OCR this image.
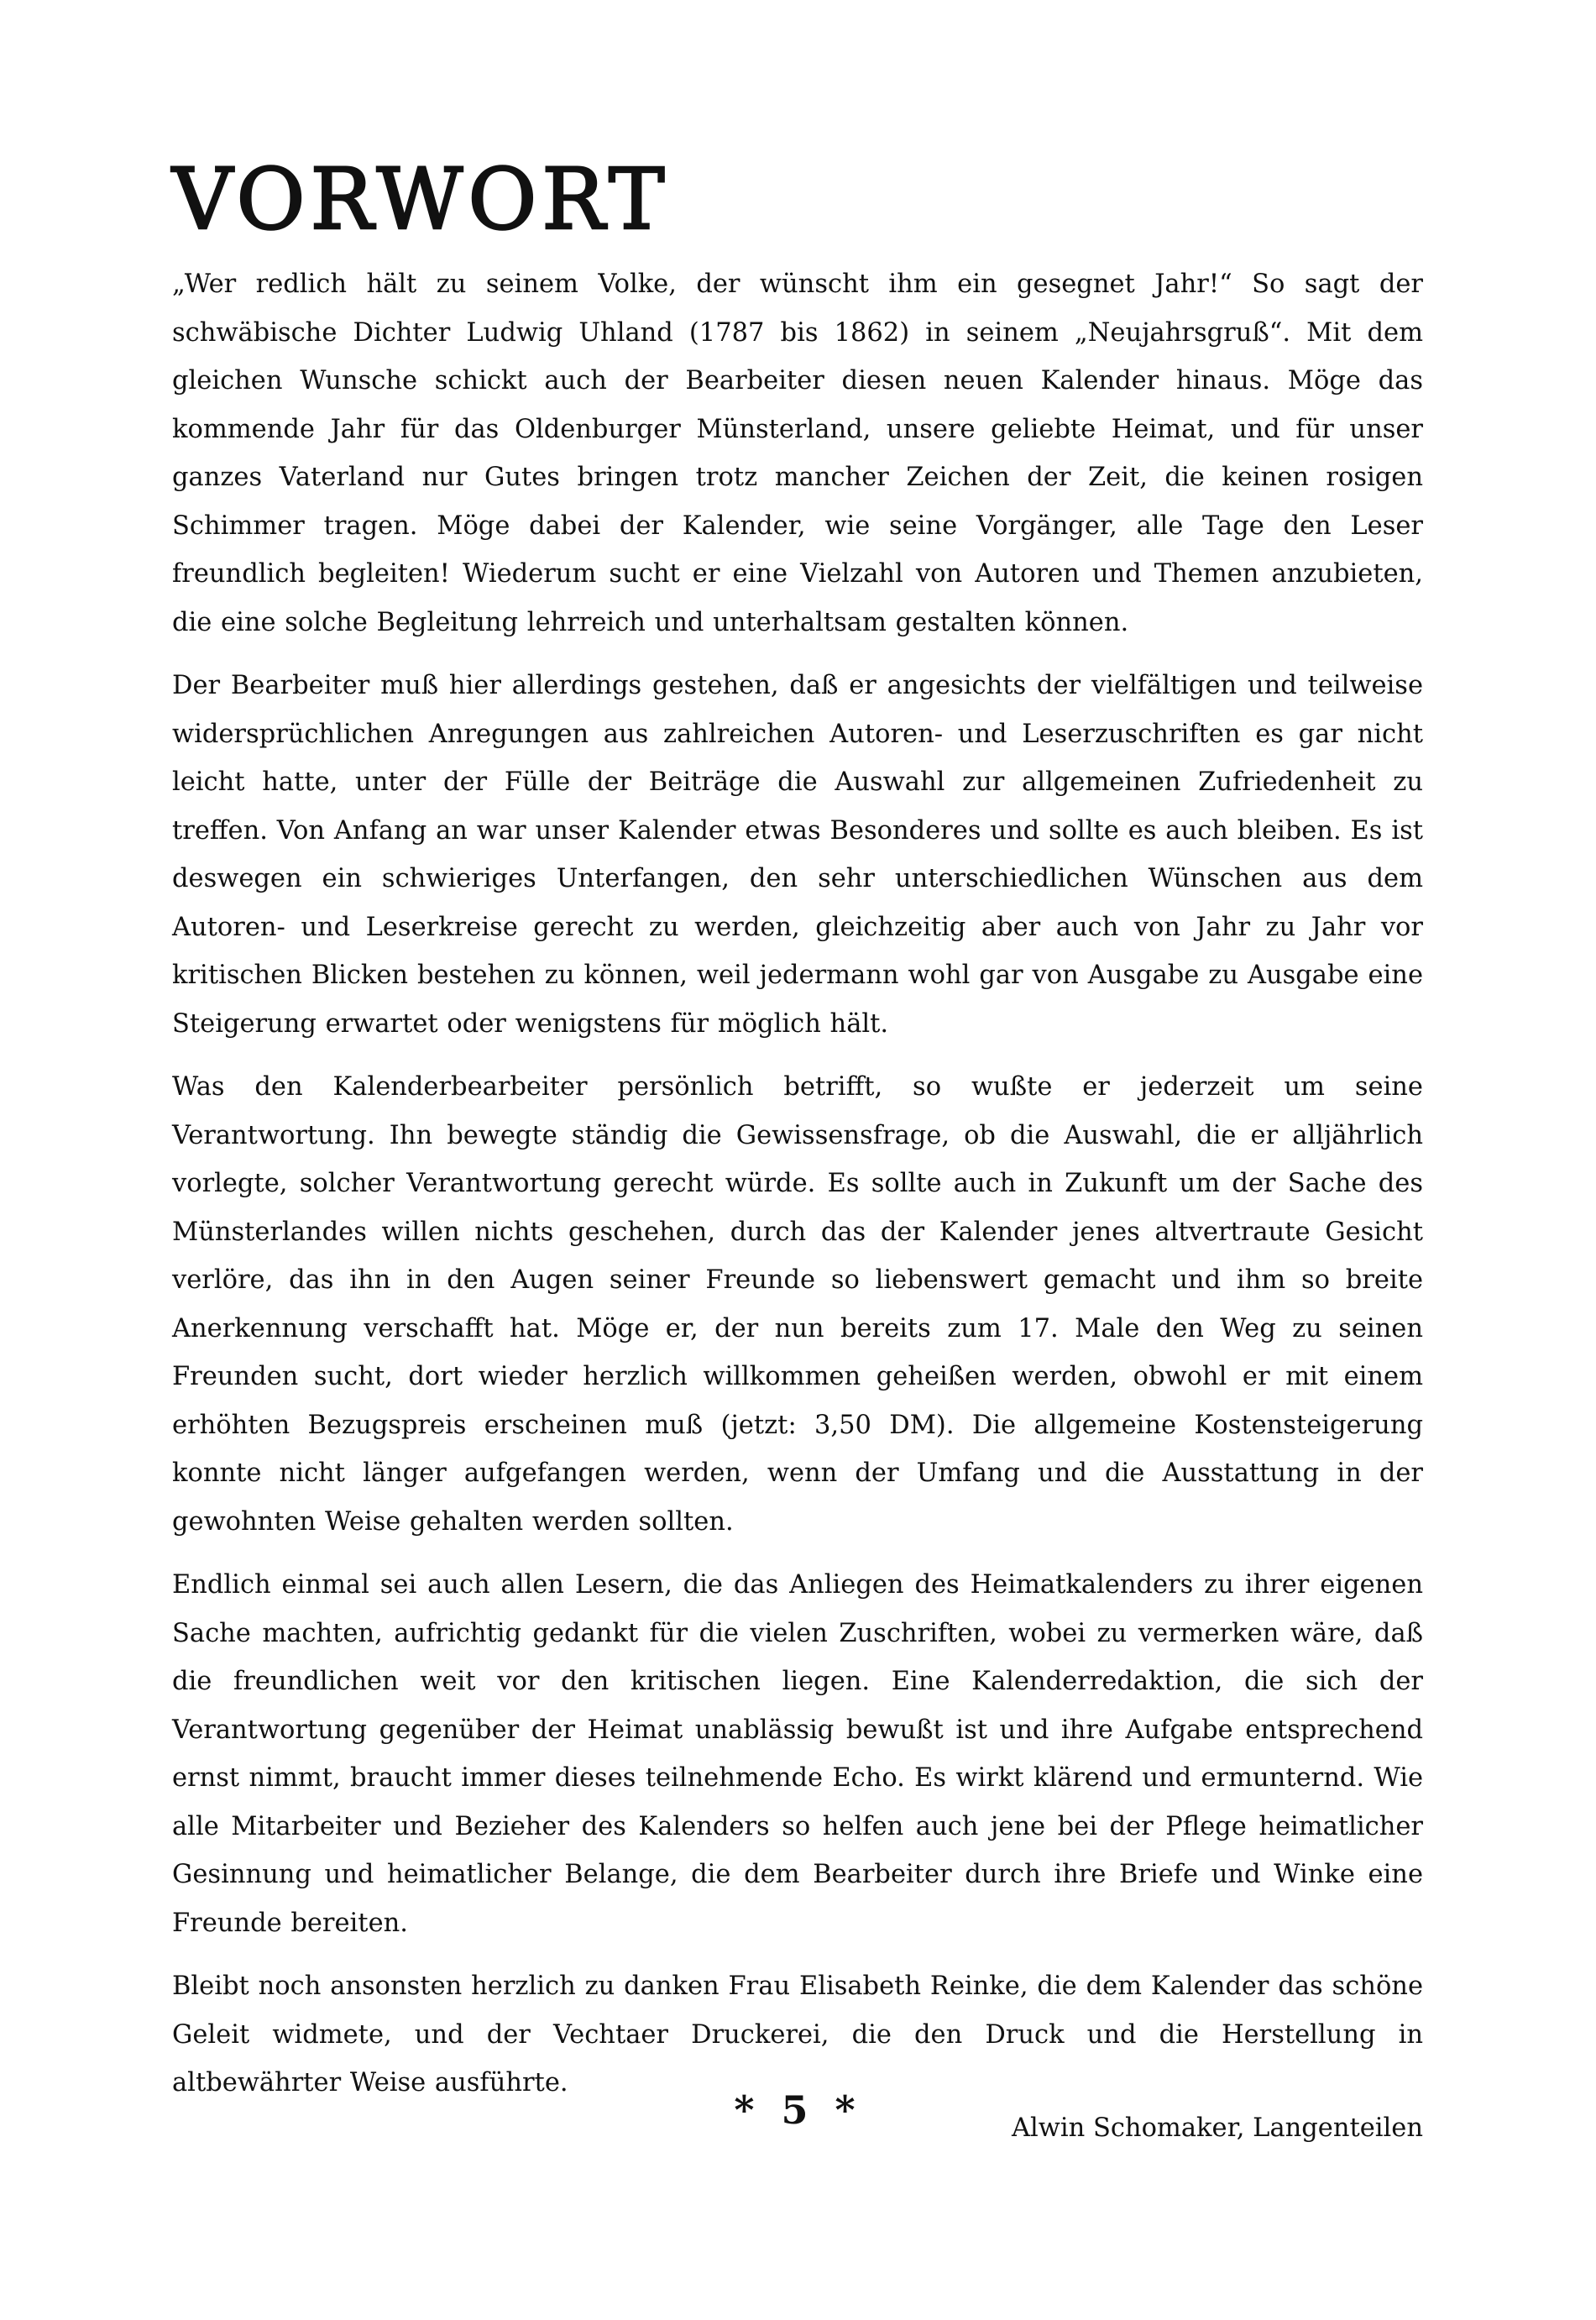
VORWORT

„Wer redlich hält zu seinem Volke, der wünscht ihm ein gesegnet Jahr!“ So sagt der schwäbische Dichter Ludwig Uhland (1787 bis 1862) in seinem „Neujahrsgruß“. Mit dem gleichen Wunsche schickt auch der Bearbeiter diesen neuen Kalender hinaus. Möge das kommende Jahr für das Oldenburger Münsterland, unsere geliebte Heimat, und für unser ganzes Vaterland nur Gutes bringen trotz mancher Zeichen der Zeit, die keinen rosigen Schimmer tragen. Möge dabei der Kalender, wie seine Vorgänger, alle Tage den Leser freundlich begleiten! Wiederum sucht er eine Vielzahl von Autoren und Themen anzubieten, die eine solche Begleitung lehrreich und unterhaltsam gestalten können.

Der Bearbeiter muß hier allerdings gestehen, daß er angesichts der vielfältigen und teilweise widersprüchlichen Anregungen aus zahlreichen Autoren- und Leserzuschriften es gar nicht leicht hatte, unter der Fülle der Beiträge die Auswahl zur allgemeinen Zufriedenheit zu treffen. Von Anfang an war unser Kalender etwas Besonderes und sollte es auch bleiben. Es ist deswegen ein schwieriges Unterfangen, den sehr unterschiedlichen Wünschen aus dem Autoren- und Leserkreise gerecht zu werden, gleichzeitig aber auch von Jahr zu Jahr vor kritischen Blicken bestehen zu können, weil jedermann wohl gar von Ausgabe zu Ausgabe eine Steigerung erwartet oder wenigstens für möglich hält.

Was den Kalenderbearbeiter persönlich betrifft, so wußte er jederzeit um seine Verantwortung. Ihn bewegte ständig die Gewissensfrage, ob die Auswahl, die er alljährlich vorlegte, solcher Verantwortung gerecht würde. Es sollte auch in Zukunft um der Sache des Münsterlandes willen nichts geschehen, durch das der Kalender jenes altvertraute Gesicht verlöre, das ihn in den Augen seiner Freunde so liebenswert gemacht und ihm so breite Anerkennung verschafft hat. Möge er, der nun bereits zum 17. Male den Weg zu seinen Freunden sucht, dort wieder herzlich willkommen geheißen werden, obwohl er mit einem erhöhten Bezugspreis erscheinen muß (jetzt: 3,50 DM). Die allgemeine Kostensteigerung konnte nicht länger aufgefangen werden, wenn der Umfang und die Ausstattung in der gewohnten Weise gehalten werden sollten.

Endlich einmal sei auch allen Lesern, die das Anliegen des Heimatkalenders zu ihrer eigenen Sache machten, aufrichtig gedankt für die vielen Zuschriften, wobei zu vermerken wäre, daß die freundlichen weit vor den kritischen liegen. Eine Kalenderredaktion, die sich der Verantwortung gegenüber der Heimat unablässig bewußt ist und ihre Aufgabe entsprechend ernst nimmt, braucht immer dieses teilnehmende Echo. Es wirkt klärend und ermunternd. Wie alle Mitarbeiter und Bezieher des Kalenders so helfen auch jene bei der Pflege heimatlicher Gesinnung und heimatlicher Belange, die dem Bearbeiter durch ihre Briefe und Winke eine Freunde bereiten.

Bleibt noch ansonsten herzlich zu danken Frau Elisabeth Reinke, die dem Kalender das schöne Geleit widmete, und der Vechtaer Druckerei, die den Druck und die Herstellung in altbewährter Weise ausführte.

Alwin Schomaker, Langenteilen
* 5 *
